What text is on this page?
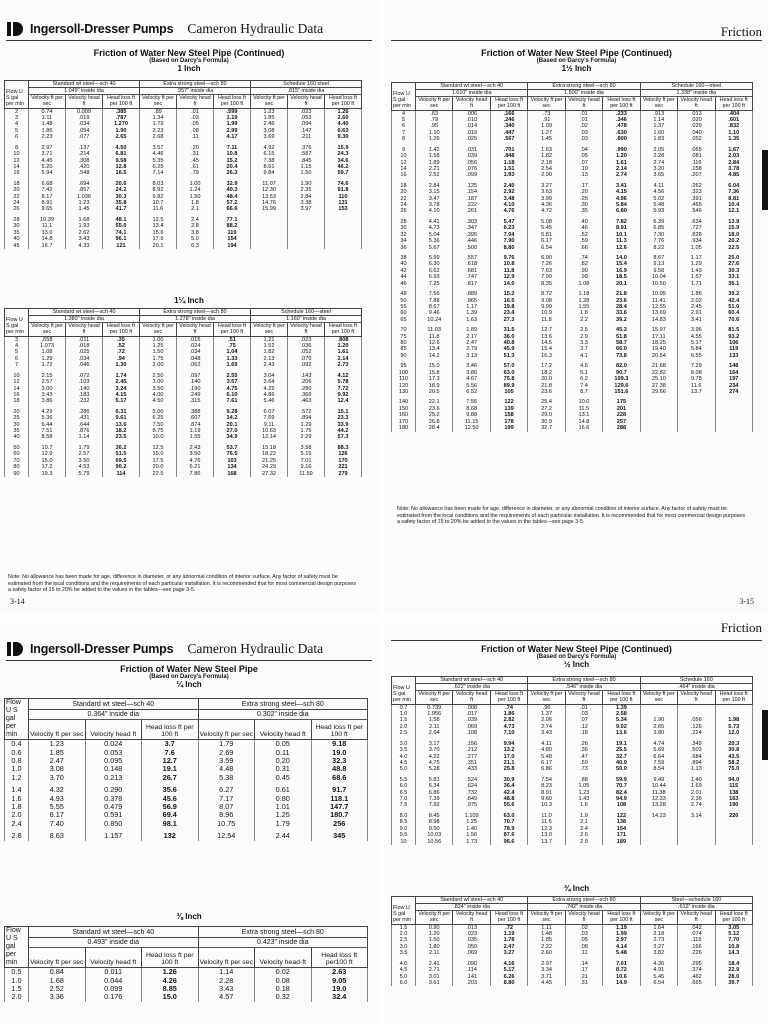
Ingersoll-Dresser Pumps Cameron Hydraulic Data
Friction of Water New Steel Pipe (Continued)
(Based on Darcy's Formula)
1 Inch
Flow U S gal per min	Standard wt steel—sch 40			Extra strong steel—sch 80			Schedule 160 steel		
	1.049" inside dia			.957" inside dia			.815" inside dia		
	Velocity ft per sec	Velocity head ft	Head loss ft per 100 ft	Velocity ft per sec	Velocity head ft	Head loss ft per 100 ft	Velocity ft per sec	Velocity head ft	Head loss ft per 100 ft
2	0.74	0.009	.385	.89	.01	.599	1.23	.023	1.26
3	1.11	.019	.787	1.34	.03	1.19	1.85	.053	2.60
4	1.48	.034	1.270	1.79	.05	1.99	2.46	.094	4.40
5	1.86	.054	1.90	2.23	.08	2.99	3.08	.147	6.63
6	2.23	.077	2.65	2.68	.11	4.17	3.69	.211	9.30

8	2.97	.137	4.50	3.57	.20	7.11	4.92	.376	15.9
10	3.71	.214	6.81	4.46	.31	10.8	6.15	.587	24.3
12	4.45	.308	9.58	5.35	.45	15.2	7.38	.845	34.6
14	5.20	.420	12.8	6.25	.61	20.4	8.61	1.15	46.2
16	5.94	.548	16.5	7.14	.79	26.3	9.84	1.50	59.7

18	6.68	.694	20.6	8.03	1.00	32.9	11.07	1.90	74.6
20	7.42	.857	24.2	8.92	1.24	40.3	12.30	2.35	91.8
22	8.17	1.036	30.3	9.82	1.50	48.4	13.53	2.84	110
24	8.91	1.23	35.8	10.7	1.8	57.2	14.76	3.38	131
26	9.65	1.45	41.7	11.6	2.1	66.6	15.99	3.97	153

28	10.39	1.68	48.1	12.5	2.4	77.1			
30	11.1	1.93	55.0	13.4	2.8	88.2			
35	13.0	2.62	74.1	15.6	3.8	119			
40	14.8	3.43	96.1	17.9	5.0	154			
45	16.7	4.33	121	20.1	6.3	194			
1¼ Inch
Flow U S gal per min	Standard wt steel—sch 40			Extra strong steel—sch 80			Schedule 160—steel		
	1.380" inside dia			1.278" inside dia			1.160" inside dia		
	Velocity ft per sec	Velocity head ft	Head loss ft per 100 ft	Velocity ft per sec	Velocity head ft	Head loss ft per 100 ft	Velocity ft per sec	Velocity head ft	Head loss ft per 100 ft
3	.658	.011	.35	1.00	.015	.51	1.21	.023	.808
4	1.073	.018	.52	1.25	.024	.75	1.52	.036	1.20
5	1.08	.025	.72	1.50	.034	1.04	1.82	.052	1.61
6	1.29	.034	.94	1.75	.048	1.33	2.13	.070	2.14
7	1.72	.046	1.30	2.00	.062	1.69	2.43	.092	2.73

10	2.15	.072	1.74	2.50	.097	2.55	3.04	.143	4.12
12	2.57	.103	2.45	3.00	.140	3.57	3.64	.206	5.78
14	3.00	.140	3.24	3.50	.190	4.75	4.25	.280	7.72
16	3.43	.183	4.15	4.00	.249	6.10	4.86	.366	9.92
18	3.86	.232	5.17	4.50	.315	7.61	5.46	.463	12.4

20	4.29	.286	6.31	5.00	.388	9.28	6.07	.572	15.1
25	5.36	.431	9.61	6.25	.607	14.2	7.59	.894	23.3
30	6.44	.644	13.6	7.50	.874	20.1	9.11	1.29	33.9
35	7.51	.876	18.2	8.75	1.19	27.0	10.63	1.75	44.2
40	8.58	1.14	23.5	10.0	1.55	34.9	12.14	2.29	57.3

50	10.7	1.79	36.2	12.5	2.43	53.7	15.18	3.58	88.3
60	12.9	2.57	51.5	15.0	3.50	76.5	18.22	5.15	126
70	15.0	3.50	69.5	17.5	4.76	103	21.25	7.01	170
80	17.2	4.53	90.2	20.0	6.21	134	24.29	9.16	221
90	19.3	5.79	114	22.5	7.86	168	27.32	11.59	279
Note: No allowance has been made for age, difference in diameter, or any abnormal condition of interior surface. Any factor of safety must be estimated from the local conditions and the requirements of each particular installation. It is recommended that for most commercial design purposes a safety factor of 15 to 20% be added to the values in the tables—see page 3-5.
3-14
Friction
Friction of Water New Steel Pipe (Continued)
(Based on Darcy's Formula)
1½ Inch
Flow U S gal per min	Standard wt steel—sch 40			Extra strong steel—sch 80			Schedule 160—steel		
	1.610" inside dia			1.500" inside dia			1.338" inside dia		
	Velocity ft per sec	Velocity head ft	Head loss ft per 100 ft	Velocity ft per sec	Velocity head ft	Head loss ft per 100 ft	Velocity ft per sec	Velocity head ft	Head loss ft per 100 ft
4	.63	.006	.166	.73	.01	.233	.913	.013	.404
5	.79	.010	.246	.91	.01	.346	1.14	.020	.601
6	.95	.014	.340	1.09	.02	.478	1.37	.029	.832
7	1.10	.019	.447	1.27	.03	.630	1.60	.040	1.10
8	1.26	.025	.567	1.45	.03	.800	1.83	.052	1.35

9	1.42	.031	.701	1.63	.04	.990	2.05	.065	1.67
10	1.58	.039	.848	1.82	.05	1.20	2.28	.081	2.03
12	1.89	.056	1.18	2.18	.07	1.61	2.74	.116	2.84
14	2.21	.076	1.51	2.54	.10	2.14	3.20	.158	3.78
16	2.52	.099	1.93	2.90	.13	2.74	3.65	.207	4.85

18	2.84	.125	2.40	3.27	.17	3.41	4.11	.262	6.04
20	3.15	.154	2.92	3.63	.20	4.15	4.56	.323	7.36
22	3.47	.187	3.48	3.99	.25	4.96	5.02	.391	8.81
24	3.78	.222	4.10	4.36	.30	5.84	5.48	.465	10.4
26	4.10	.261	4.76	4.72	.35	6.80	5.93	.546	12.1

28	4.41	.303	5.47	5.08	.40	7.82	6.39	.634	13.9
30	4.73	.347	6.23	5.45	.46	8.91	6.85	.727	15.9
32	5.04	.395	7.04	5.81	.52	10.1	7.30	.828	18.0
34	5.36	.446	7.90	6.17	.59	11.3	7.76	.934	20.2
36	5.67	.500	8.80	6.54	.66	12.6	8.22	1.05	22.5

38	5.99	.557	9.76	6.90	.74	14.0	8.67	1.17	25.0
40	6.30	.618	10.8	7.26	.82	15.4	9.13	1.29	27.6
42	6.62	.681	11.8	7.63	.90	16.9	9.58	1.43	30.3
44	6.93	.747	12.9	7.99	.99	18.5	10.04	1.57	33.1
46	7.25	.817	14.0	8.35	1.08	20.1	10.50	1.71	36.1

48	7.56	.889	15.2	8.72	1.18	21.8	10.95	1.86	39.2
50	7.88	.965	16.5	9.08	1.28	23.6	11.41	2.02	42.4
55	8.67	1.17	19.8	9.99	1.55	28.4	12.55	2.45	51.0
60	9.46	1.39	23.4	10.9	1.8	33.6	13.69	2.91	60.4
65	10.24	1.63	27.3	11.8	2.2	39.2	14.83	3.41	70.6

70	11.03	1.89	31.5	12.7	2.5	45.3	15.97	3.96	81.5
75	11.8	2.17	36.0	13.6	2.9	51.8	17.11	4.55	93.2
80	12.6	2.47	40.8	14.5	3.3	58.7	18.25	5.17	106
85	13.4	2.79	45.9	15.4	3.7	66.0	19.40	5.84	119
90	14.2	3.13	51.3	16.3	4.1	73.8	20.54	6.55	133

95	15.0	3.46	57.0	17.2	4.6	82.0	21.68	7.29	148
100	15.8	3.86	63.0	18.2	5.1	90.7	22.82	8.08	164
110	17.3	4.67	75.8	20.0	6.2	109.3	25.10	9.78	197
120	18.9	5.56	89.9	21.8	7.4	129.6	27.38	11.6	234
130	20.5	6.52	105	23.6	8.7	151.6	29.66	13.7	274

140	22.1	7.56	122	25.4	10.0	175			
150	23.6	8.68	139	27.2	11.5	201			
160	25.2	9.88	158	29.0	13.1	228			
170	26.8	11.15	178	30.9	14.8	257			
180	28.4	12.50	199	32.7	16.6	288			
Note: No allowance has been made for age, difference in diameter, or any abnormal condition of interior surface. Any factor of safety must be estimated from the local conditions and the requirements of each particular installation. It is recommended that for most commercial design purposes a safety factor of 15 to 20% be added to the values in the tables—see page 3-5.
3-15
Ingersoll-Dresser Pumps Cameron Hydraulic Data
Friction of Water New Steel Pipe
(Based on Darcy's Formula)
¼ Inch
Flow U S gal per min	Standard wt steel—sch 40			Extra strong steel—sch 80		
	0.364" inside dia			0.302" inside dia		
	Velocity ft per sec	Velocity head ft	Head loss ft per 100 ft	Velocity ft per sec	Velocity head ft	Head loss ft per 100 ft
0.4	1.23	0.024	3.7	1.79	0.05	9.18
0.6	1.85	0.053	7.6	2.69	0.11	19.0
0.8	2.47	0.095	12.7	3.59	0.20	32.3
1.0	3.08	0.148	19.1	4.48	0.31	48.8
1.2	3.70	0.213	26.7	5.38	0.45	68.6

1.4	4.32	0.290	35.6	6.27	0.61	91.7
1.6	4.93	0.378	45.6	7.17	0.80	118.1
1.8	5.55	0.479	56.9	8.07	1.01	147.7
2.0	6.17	0.591	69.4	8.96	1.25	180.7
2.4	7.40	0.850	98.1	10.75	1.79	256

2.8	8.63	1.157	132	12.54	2.44	345
⅜ Inch
Flow U S gal per min	Standard wt steel—sch 40			Extra strong steel—sch 80		
	0.493" inside dia			0.423" inside dia		
	Velocity ft per sec	Velocity head ft	Head loss ft per 100 ft	Velocity ft per sec	Velocity head-ft	Head loss ft per100 ft
0.5	0.84	0.011	1.26	1.14	0.02	2.63
1.0	1.68	0.044	4.26	2.28	0.08	9.05
1.5	2.52	0.099	8.85	3.43	0.18	19.0
2.0	3.36	0.176	15.0	4.57	0.32	32.4
Friction
Friction of Water New Steel Pipe (Continued)
(Based on Darcy's Formula)
½ Inch
Flow U S gal per min	Standard wt steel—sch 40			Extra strong steel—sch 80			Schedule 160		
	.622" inside dia			.546" inside dia			.464" inside dia		
	Velocity ft per sec	Velocity head ft	Head loss ft per 100 ft	Velocity ft per sec	Velocity head ft	Head loss ft per 100 ft	Velocity ft per sec	Velocity head ft	Head loss ft per 100 ft
0.7	0.739	.008	.74	.96	.01	1.39			
1.0	1.056	.017	1.86	1.37	.03	2.58			
1.5	1.58	.039	2.82	2.06	.07	5.34	1.90	.056	1.98
2.0	2.11	.069	4.73	2.74	.12	9.02	2.65	.126	5.73
2.5	2.64	.108	7.10	3.43	.18	13.6	3.80	.224	12.0

3.0	3.17	.156	9.94	4.11	.26	19.1	4.74	.349	20.3
3.5	3.70	.212	13.2	4.80	.36	25.5	5.69	.503	30.8
4.0	4.22	.277	17.0	5.48	.47	32.7	6.64	.684	43.5
4.5	4.75	.351	21.1	6.17	.59	40.9	7.59	.894	58.2
5.0	5.28	.433	25.8	6.86	.73	50.0	8.54	1.13	75.0

5.5	5.81	.524	30.9	7.54	.88	59.9	9.49	1.40	94.0
6.0	6.34	.624	36.4	8.23	1.05	70.7	10.44	1.69	115
6.5	6.86	.732	42.4	8.91	1.23	82.4	11.38	2.01	138
7.0	7.39	.849	48.8	9.60	1.43	94.9	12.33	2.36	163
7.5	7.92	.975	55.6	10.3	1.6	108	13.28	2.74	190

8.0	8.45	1.109	63.0	11.0	1.9	122	14.23	3.14	220
8.5	8.98	1.25	70.7	11.6	2.1	138			
9.0	9.50	1.40	78.9	12.3	2.4	154			
9.5	10.03	1.56	87.6	13.0	2.6	171			
10	10.56	1.73	96.6	13.7	2.9	189			
¾ Inch
Flow U S gal per min	Standard wt steel—sch 40			Extra strong steel—sch 80			Steel—schedule 160		
	.824" inside dia			.742" inside dia			.612" inside dia		
	Velocity ft per sec	Velocity head ft	Head loss ft per 100 ft	Velocity ft per sec	Velocity head ft	Head loss ft per 100 ft	Velocity ft per sec	Velocity head ft	Head loss ft per 100 ft
1.5	0.90	.013	.72	1.11	.02	1.19	1.64	.042	3.05
2.0	1.20	.023	1.19	1.48	.03	1.99	2.18	.074	5.12
2.5	1.50	.035	1.78	1.85	.05	2.97	2.73	.115	7.70
3.0	1.80	.050	2.47	2.22	.08	4.14	3.27	.166	10.8
3.5	2.11	.069	3.27	2.60	.11	5.48	3.82	.226	14.3

4.0	2.41	.090	4.16	2.97	.14	7.01	4.36	.295	18.4
4.5	2.71	.114	5.17	3.34	.17	8.72	4.91	.374	22.9
5.0	3.01	.141	6.26	3.71	.21	10.6	5.45	.462	28.0
6.0	3.61	.203	8.80	4.45	.31	14.9	6.54	.665	39.7
